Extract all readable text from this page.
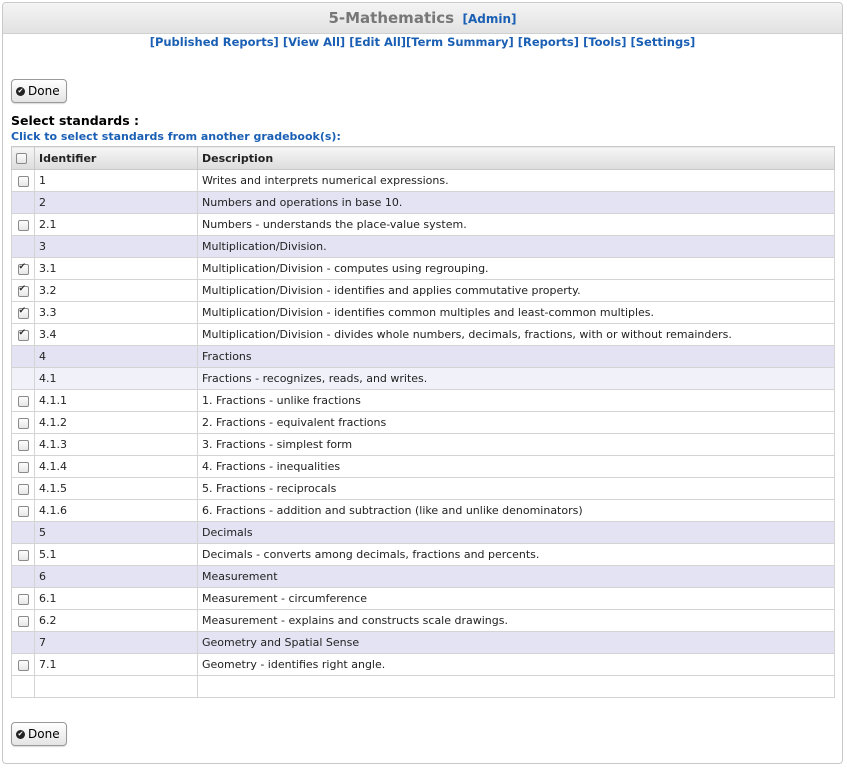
5-Mathematics [Admin]
[Published Reports] [View All] [Edit All][Term Summary] [Reports] [Tools] [Settings]
✔ Done
Select standards :
Click to select standards from another gradebook(s):
	Identifier	Description
	1	Writes and interprets numerical expressions.
	2	Numbers and operations in base 10.
	2.1	Numbers - understands the place-value system.
	3	Multiplication/Division.
✔	3.1	Multiplication/Division - computes using regrouping.
✔	3.2	Multiplication/Division - identifies and applies commutative property.
✔	3.3	Multiplication/Division - identifies common multiples and least-common multiples.
✔	3.4	Multiplication/Division - divides whole numbers, decimals, fractions, with or without remainders.
	4	Fractions
	4.1	Fractions - recognizes, reads, and writes.
	4.1.1	1. Fractions - unlike fractions
	4.1.2	2. Fractions - equivalent fractions
	4.1.3	3. Fractions - simplest form
	4.1.4	4. Fractions - inequalities
	4.1.5	5. Fractions - reciprocals
	4.1.6	6. Fractions - addition and subtraction (like and unlike denominators)
	5	Decimals
	5.1	Decimals - converts among decimals, fractions and percents.
	6	Measurement
	6.1	Measurement - circumference
	6.2	Measurement - explains and constructs scale drawings.
	7	Geometry and Spatial Sense
	7.1	Geometry - identifies right angle.

✔ Done
